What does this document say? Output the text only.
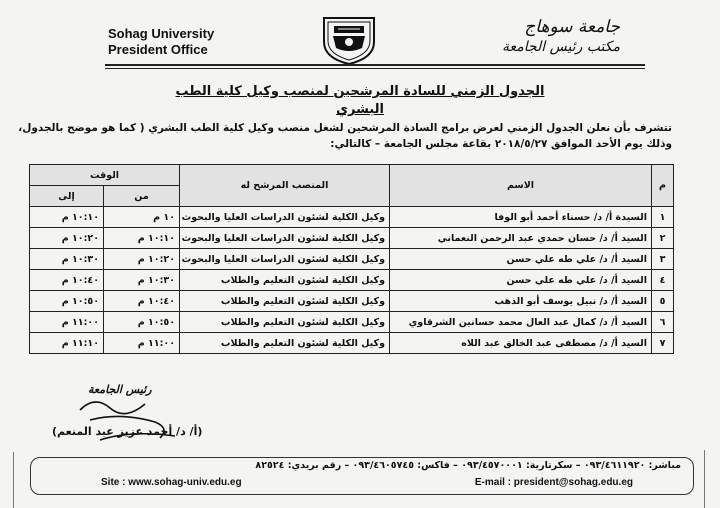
Sohag University
President Office
جامعة سوهاج
مكتب رئيس الجامعة
الجدول الزمني للسادة المرشحين لمنصب وكيل كلية الطب البشري
تتشرف بأن نعلن الجدول الزمني لعرض برامج السادة المرشحين لشغل منصب وكيل كلية الطب البشري ( كما هو موضح بالجدول،
وذلك يوم الأحد الموافق ٢٠١٨/٥/٢٧ بقاعة مجلس الجامعة – كالتالي:
م	الاسم	المنصب المرشح له	الوقت	
			من	إلى
١	السيدة أ/ د/ حسناء أحمد أبو الوفا	وكيل الكلية لشئون الدراسات العليا والبحوث	١٠ م	١٠:١٠ م
٢	السيد أ/ د/ حسان حمدي عبد الرحمن النعماني	وكيل الكلية لشئون الدراسات العليا والبحوث	١٠:١٠ م	١٠:٢٠ م
٣	السيد أ/ د/ علي طه علي حسن	وكيل الكلية لشئون الدراسات العليا والبحوث	١٠:٢٠ م	١٠:٣٠ م
٤	السيد أ/ د/ علي طه علي حسن	وكيل الكلية لشئون التعليم والطلاب	١٠:٣٠ م	١٠:٤٠ م
٥	السيد أ/ د/ نبيل يوسف أبو الذهب	وكيل الكلية لشئون التعليم والطلاب	١٠:٤٠ م	١٠:٥٠ م
٦	السيد أ/ د/ كمال عبد العال محمد حسانين الشرقاوي	وكيل الكلية لشئون التعليم والطلاب	١٠:٥٠ م	١١:٠٠ م
٧	السيد أ/ د/ مصطفى عبد الخالق عبد اللاه	وكيل الكلية لشئون التعليم والطلاب	١١:٠٠ م	١١:١٠ م
رئيس الجامعة
(أ/ د/ أحمد عزيز عبد المنعم)
مباشر: ٠٩٣/٤٦١١٩٢٠ – سكرتارية: ٠٩٣/٤٥٧٠٠٠١ – فاكس: ٠٩٣/٤٦٠٥٧٤٥ – رقم بريدي: ٨٢٥٢٤
Site : www.sohag-univ.edu.eg	E-mail : president@sohag.edu.eg
